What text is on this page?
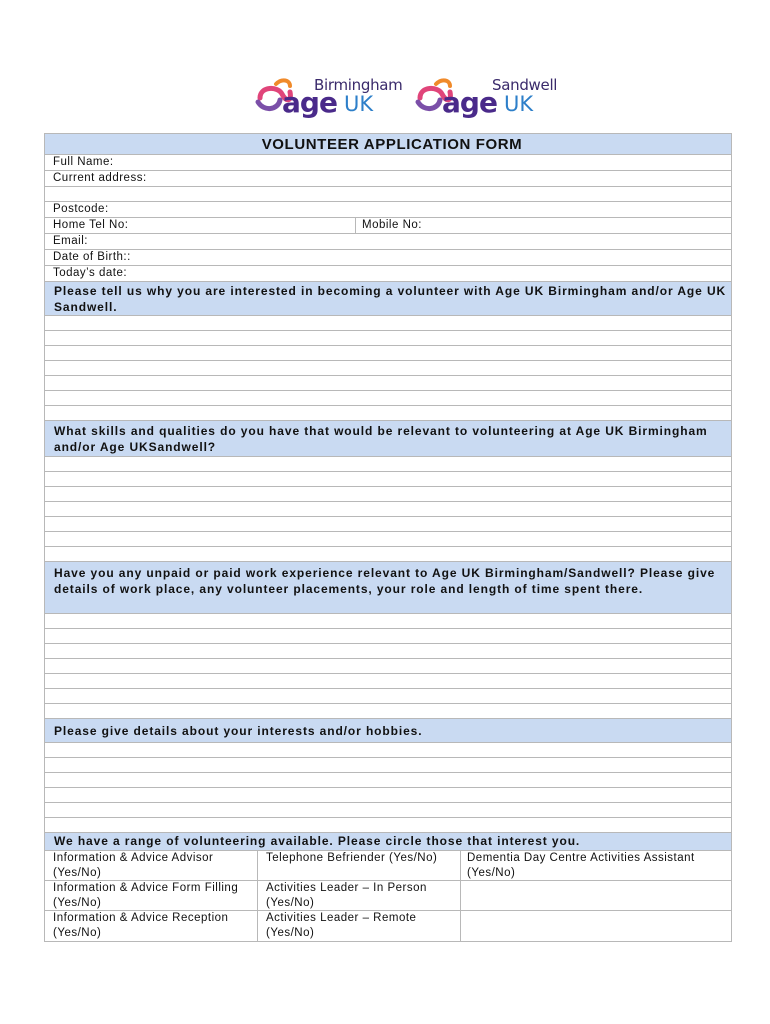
Birmingham
age UK
Sandwell
age UK
VOLUNTEER APPLICATION FORM
Full Name:
Current address:
Postcode:
Home Tel No:	Mobile No:
Email:
Date of Birth::
Today’s date:
Please tell us why you are interested in becoming a volunteer with Age UK Birmingham and/or Age UK Sandwell.
What skills and qualities do you have that would be relevant to volunteering at Age UK Birmingham and/or Age UKSandwell?
Have you any unpaid or paid work experience relevant to Age UK Birmingham/Sandwell? Please give details of work place, any volunteer placements, your role and length of time spent there.
Please give details about your interests and/or hobbies.
We have a range of volunteering available. Please circle those that interest you.
Information & Advice Advisor (Yes/No)
Information & Advice Form Filling (Yes/No)
Information & Advice Reception (Yes/No)
Telephone Befriender (Yes/No)
Activities Leader – In Person (Yes/No)
Activities Leader – Remote (Yes/No)
Dementia Day Centre Activities Assistant (Yes/No)
